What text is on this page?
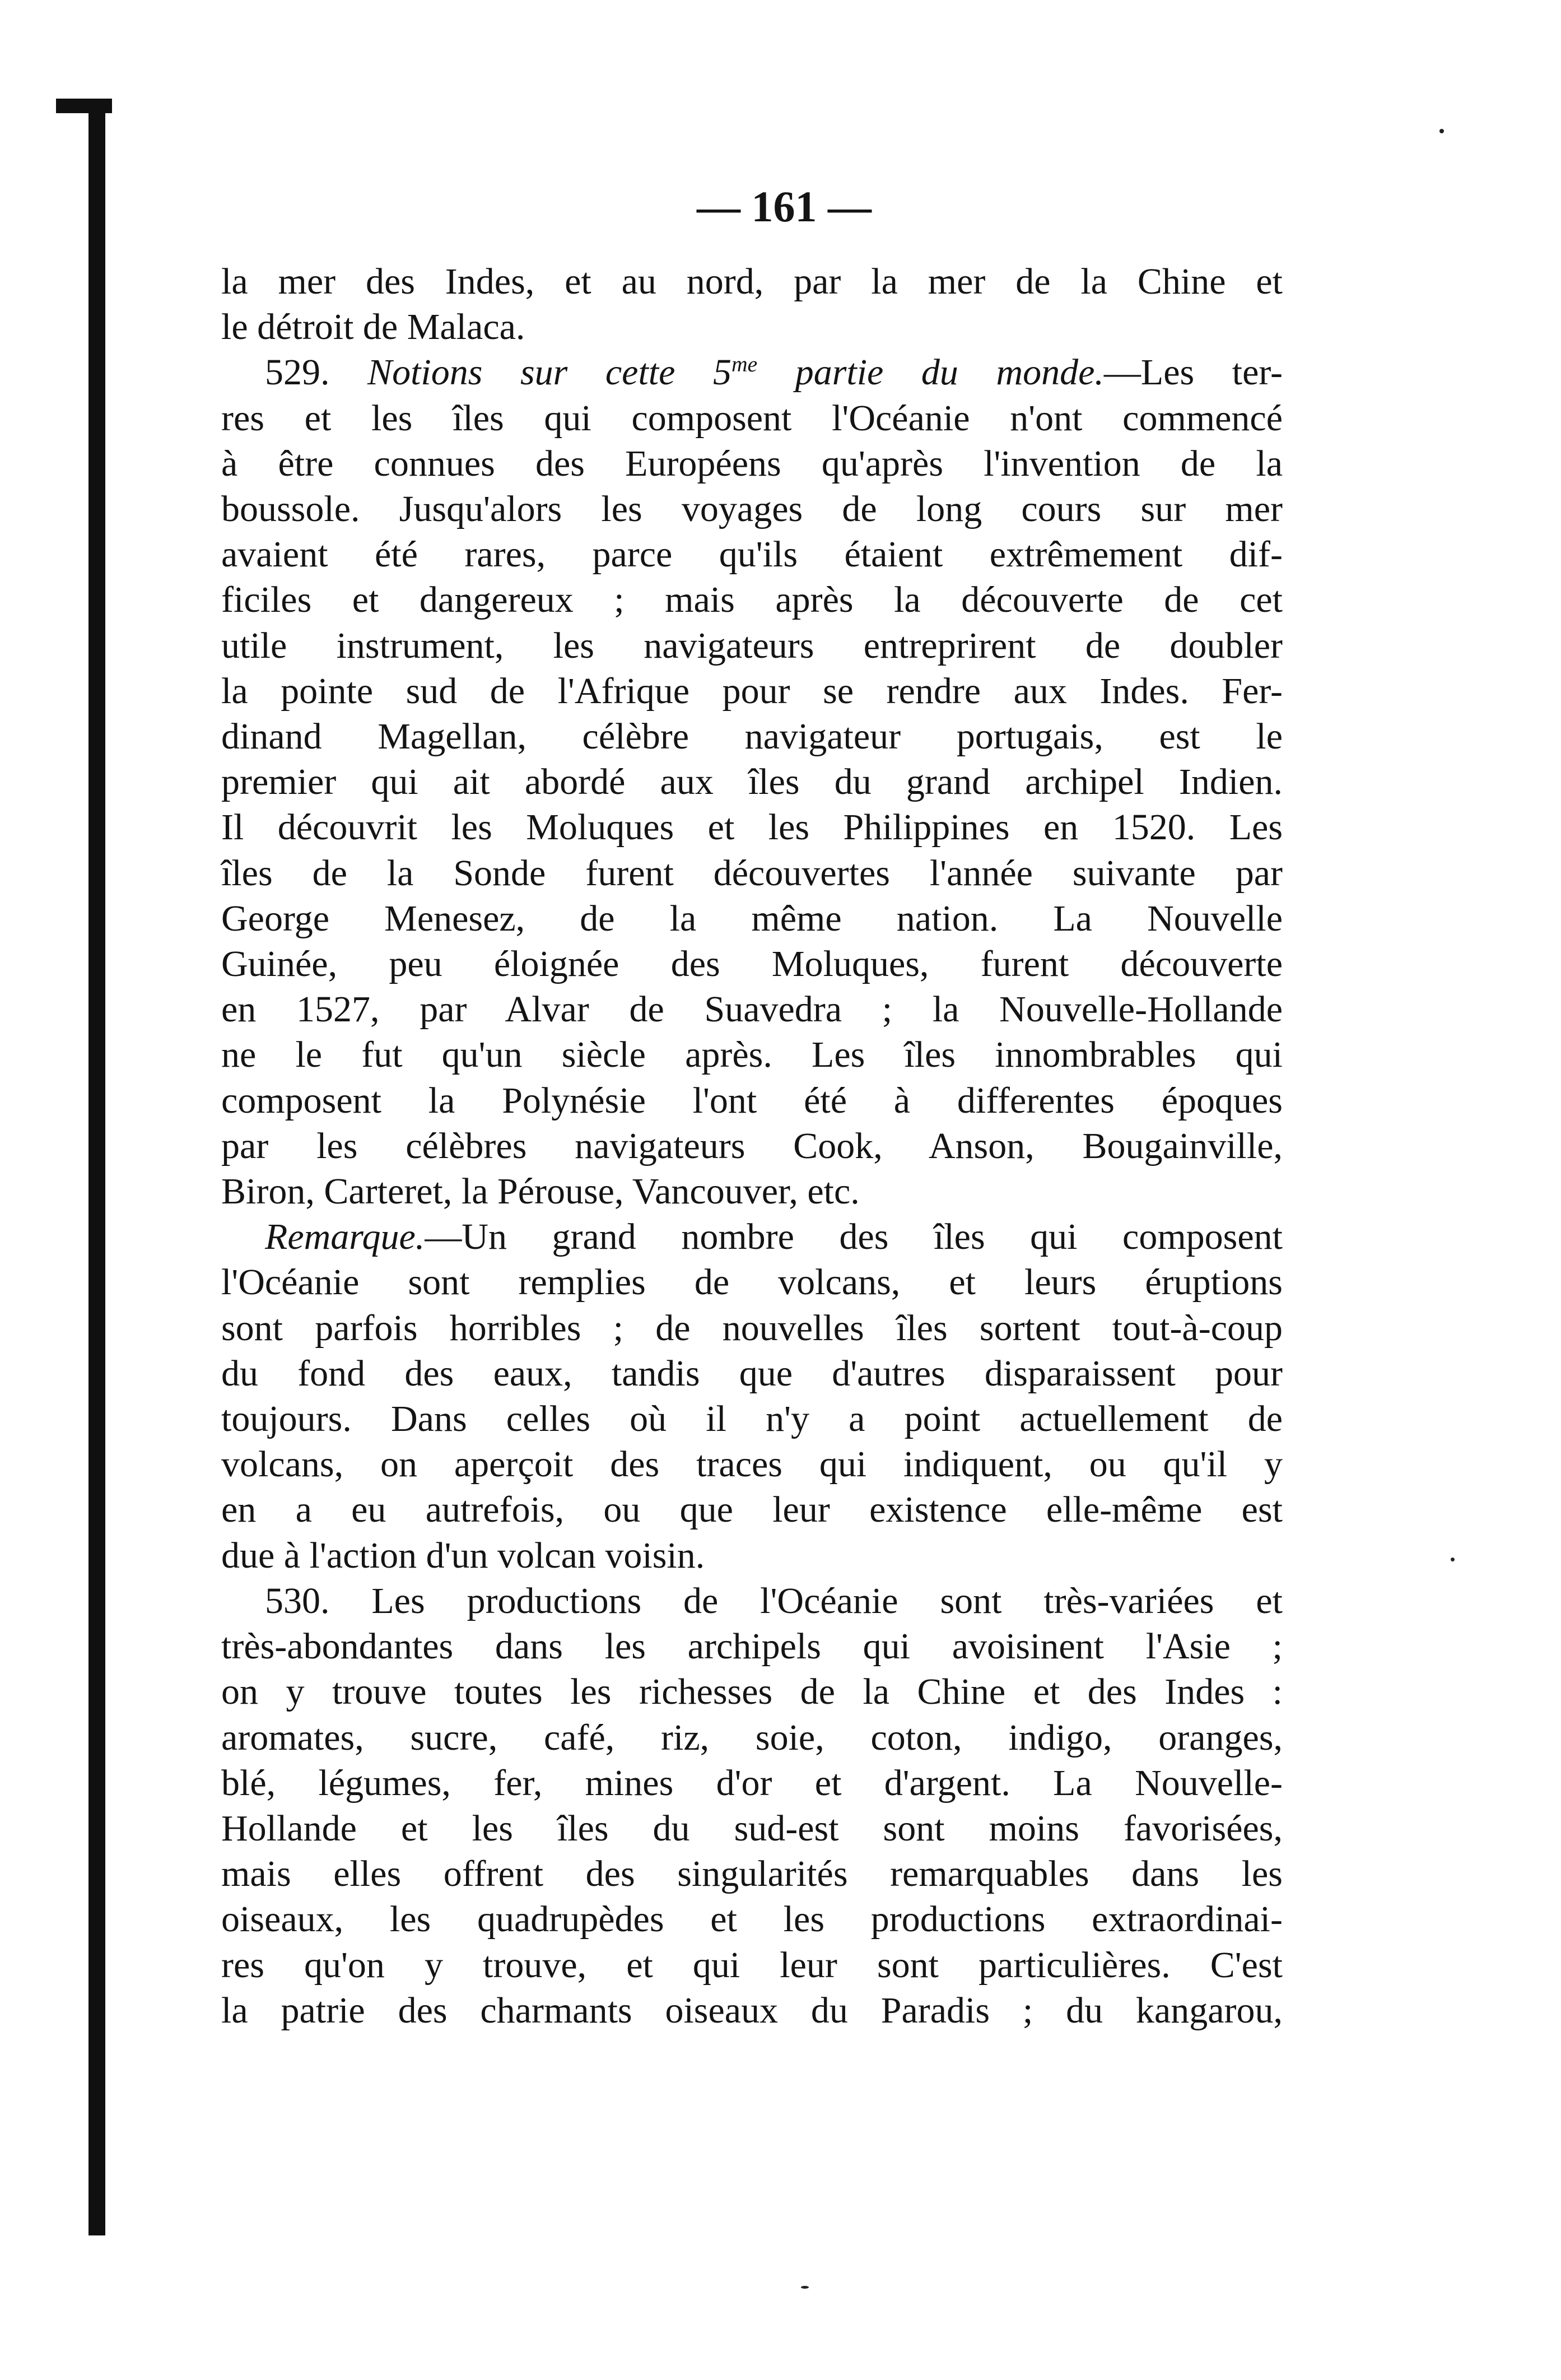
— 161 —
la mer des Indes, et au nord, par la mer de la Chine et
le détroit de Malaca.
529. Notions sur cette $5^{me}$ partie du monde.—Les ter-
res et les îles qui composent l'Océanie n'ont commencé
à être connues des Européens qu'après l'invention de la
boussole. Jusqu'alors les voyages de long cours sur mer
avaient été rares, parce qu'ils étaient extrêmement dif-
ficiles et dangereux ; mais après la découverte de cet
utile instrument, les navigateurs entreprirent de doubler
la pointe sud de l'Afrique pour se rendre aux Indes. Fer-
dinand Magellan, célèbre navigateur portugais, est le
premier qui ait abordé aux îles du grand archipel Indien.
Il découvrit les Moluques et les Philippines en 1520. Les
îles de la Sonde furent découvertes l'année suivante par
George Menesez, de la même nation. La Nouvelle
Guinée, peu éloignée des Moluques, furent découverte
en 1527, par Alvar de Suavedra ; la Nouvelle-Hollande
ne le fut qu'un siècle après. Les îles innombrables qui
composent la Polynésie l'ont été à differentes époques
par les célèbres navigateurs Cook, Anson, Bougainville,
Biron, Carteret, la Pérouse, Vancouver, etc.
Remarque.—Un grand nombre des îles qui composent
l'Océanie sont remplies de volcans, et leurs éruptions
sont parfois horribles ; de nouvelles îles sortent tout-à-coup
du fond des eaux, tandis que d'autres disparaissent pour
toujours. Dans celles où il n'y a point actuellement de
volcans, on aperçoit des traces qui indiquent, ou qu'il y
en a eu autrefois, ou que leur existence elle-même est
due à l'action d'un volcan voisin.
530. Les productions de l'Océanie sont très-variées et
très-abondantes dans les archipels qui avoisinent l'Asie ;
on y trouve toutes les richesses de la Chine et des Indes :
aromates, sucre, café, riz, soie, coton, indigo, oranges,
blé, légumes, fer, mines d'or et d'argent. La Nouvelle-
Hollande et les îles du sud-est sont moins favorisées,
mais elles offrent des singularités remarquables dans les
oiseaux, les quadrupèdes et les productions extraordinai-
res qu'on y trouve, et qui leur sont particulières. C'est
la patrie des charmants oiseaux du Paradis ; du kangarou,
